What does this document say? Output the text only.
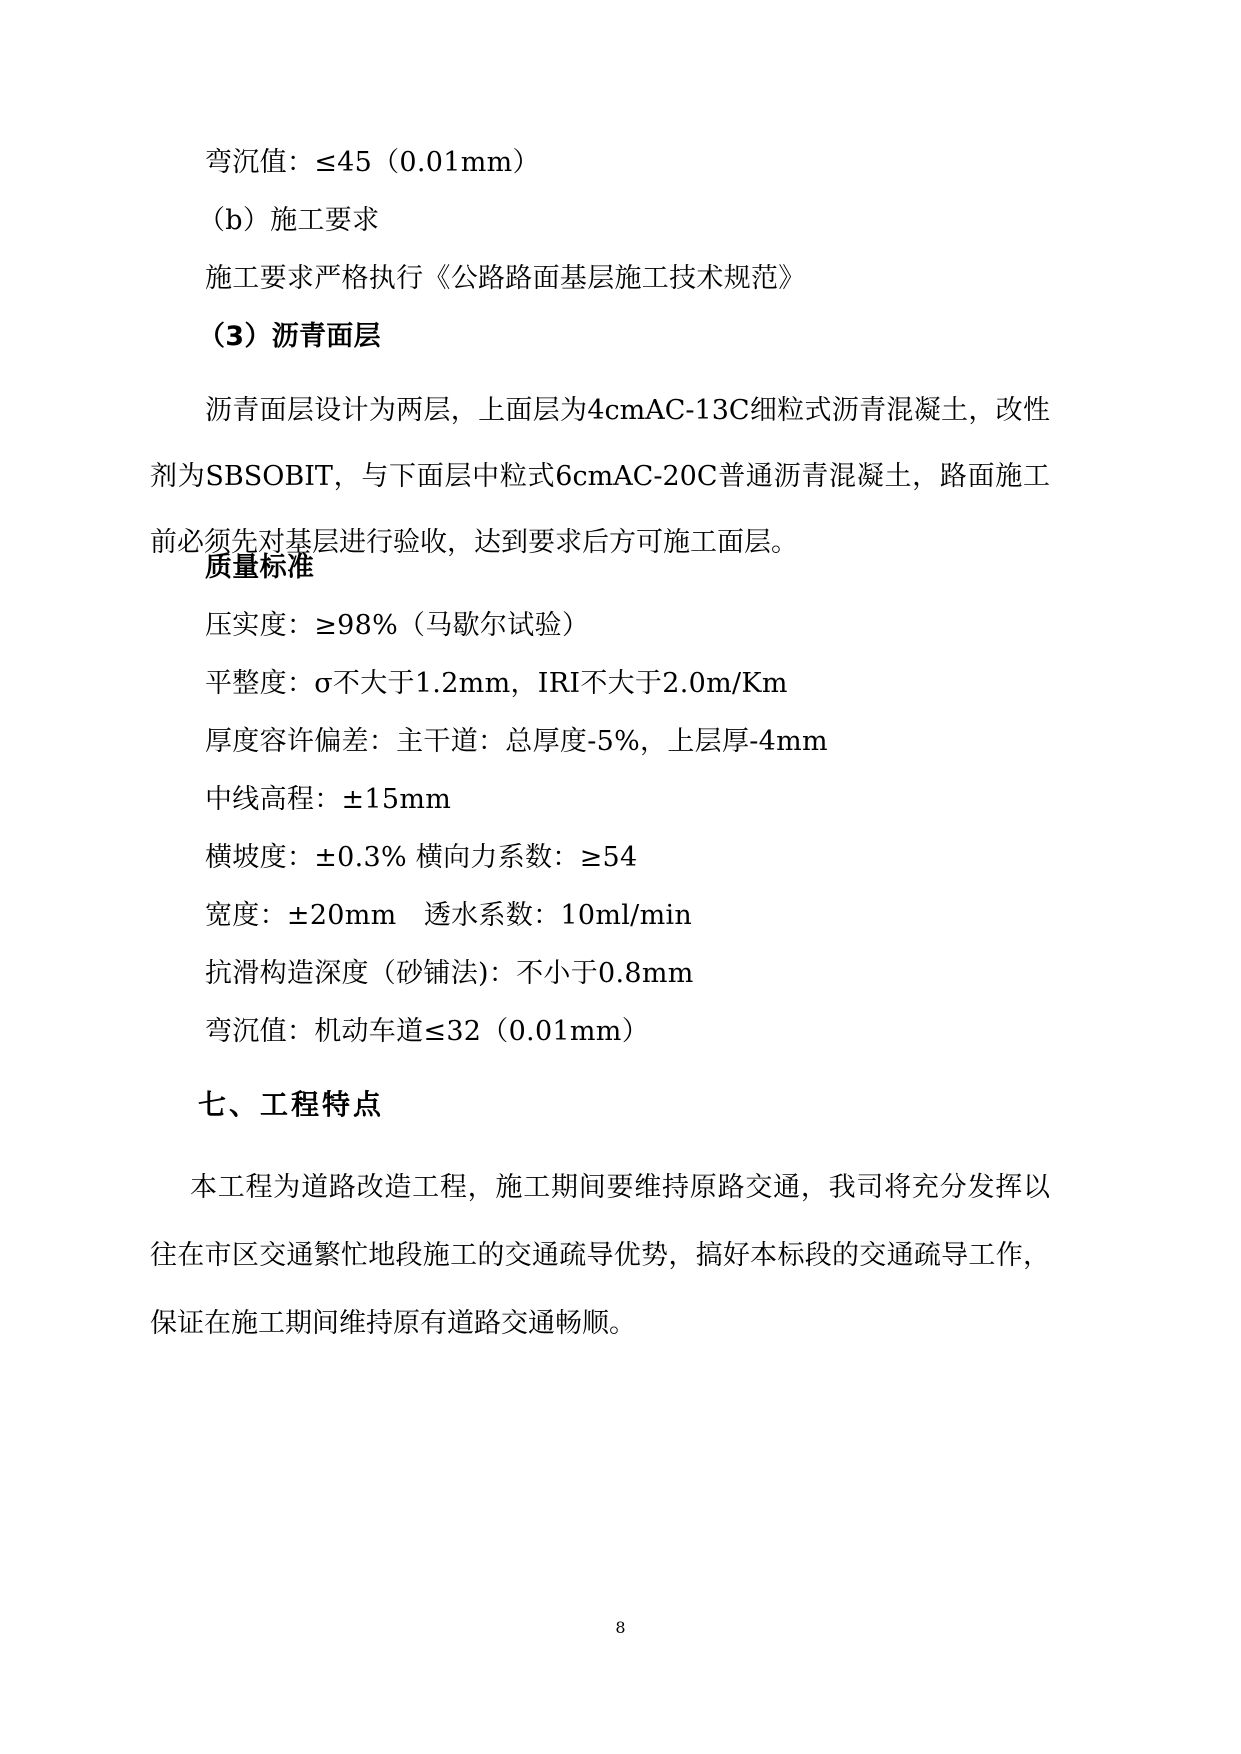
弯沉值：≤45（0.01mm）
（b）施工要求
施工要求严格执行《公路路面基层施工技术规范》
（3）沥青面层
沥青面层设计为两层，上面层为4cmAC-13C细粒式沥青混凝土，改性剂为SBSOBIT，与下面层中粒式6cmAC-20C普通沥青混凝土，路面施工前必须先对基层进行验收，达到要求后方可施工面层。
质量标准
压实度：≥98%（马歇尔试验）
平整度：σ不大于1.2mm，IRI不大于2.0m/Km
厚度容许偏差：主干道：总厚度-5%，上层厚-4mm
中线高程：±15mm
横坡度：±0.3% 横向力系数：≥54
宽度：±20mm　透水系数：10ml/min
抗滑构造深度（砂铺法)：不小于0.8mm
弯沉值：机动车道≤32（0.01mm）
七、工程特点
本工程为道路改造工程，施工期间要维持原路交通，我司将充分发挥以往在市区交通繁忙地段施工的交通疏导优势，搞好本标段的交通疏导工作，保证在施工期间维持原有道路交通畅顺。
8
